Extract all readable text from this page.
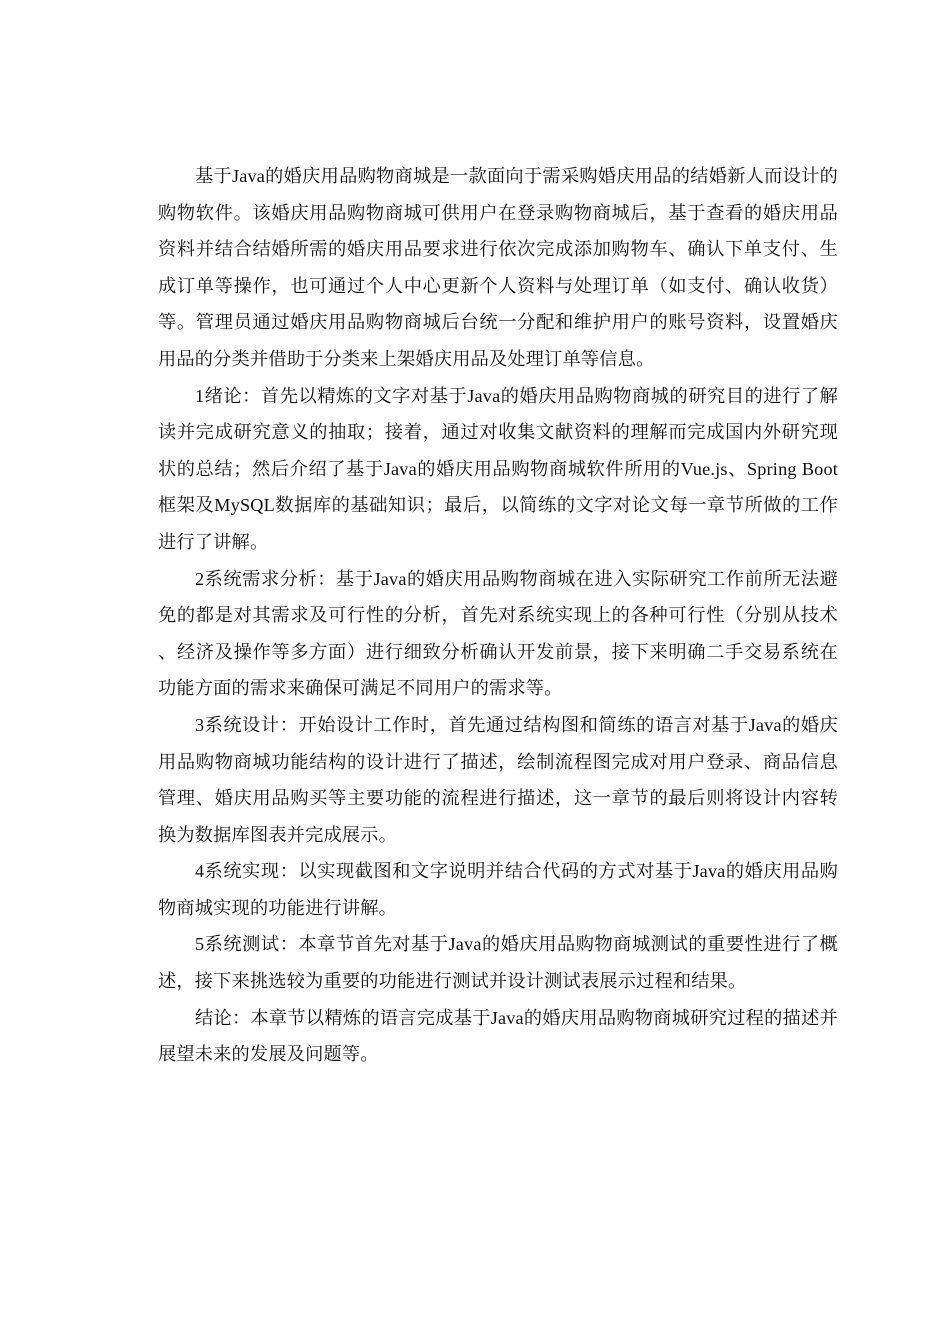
基于Java的婚庆用品购物商城是一款面向于需采购婚庆用品的结婚新人而设计的购物软件。该婚庆用品购物商城可供用户在登录购物商城后，基于查看的婚庆用品资料并结合结婚所需的婚庆用品要求进行依次完成添加购物车、确认下单支付、生成订单等操作，也可通过个人中心更新个人资料与处理订单（如支付、确认收货）等。管理员通过婚庆用品购物商城后台统一分配和维护用户的账号资料，设置婚庆用品的分类并借助于分类来上架婚庆用品及处理订单等信息。

1绪论：首先以精炼的文字对基于Java的婚庆用品购物商城的研究目的进行了解读并完成研究意义的抽取；接着，通过对收集文献资料的理解而完成国内外研究现状的总结；然后介绍了基于Java的婚庆用品购物商城软件所用的Vue.js、Spring Boot框架及MySQL数据库的基础知识；最后，以简练的文字对论文每一章节所做的工作进行了讲解。

2系统需求分析：基于Java的婚庆用品购物商城在进入实际研究工作前所无法避免的都是对其需求及可行性的分析，首先对系统实现上的各种可行性（分别从技术、经济及操作等多方面）进行细致分析确认开发前景，接下来明确二手交易系统在功能方面的需求来确保可满足不同用户的需求等。

3系统设计：开始设计工作时，首先通过结构图和简练的语言对基于Java的婚庆用品购物商城功能结构的设计进行了描述，绘制流程图完成对用户登录、商品信息管理、婚庆用品购买等主要功能的流程进行描述，这一章节的最后则将设计内容转换为数据库图表并完成展示。

4系统实现：以实现截图和文字说明并结合代码的方式对基于Java的婚庆用品购物商城实现的功能进行讲解。

5系统测试：本章节首先对基于Java的婚庆用品购物商城测试的重要性进行了概述，接下来挑选较为重要的功能进行测试并设计测试表展示过程和结果。

结论：本章节以精炼的语言完成基于Java的婚庆用品购物商城研究过程的描述并展望未来的发展及问题等。
